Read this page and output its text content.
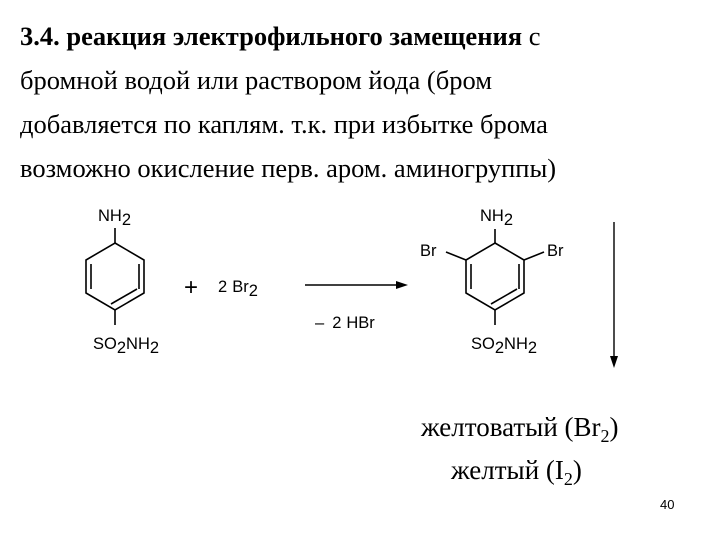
3.4. реакция электрофильного замещения с
бромной водой или раствором йода (бром
добавляется по каплям. т.к. при избытке брома
возможно окисление перв. аром. аминогруппы)

NH2
SO2NH2
+ 2 Br2
– 2 HBr
NH2
Br	Br
SO2NH2
желтоватый $(Br_2)$
желтый $(I_2)$
40
